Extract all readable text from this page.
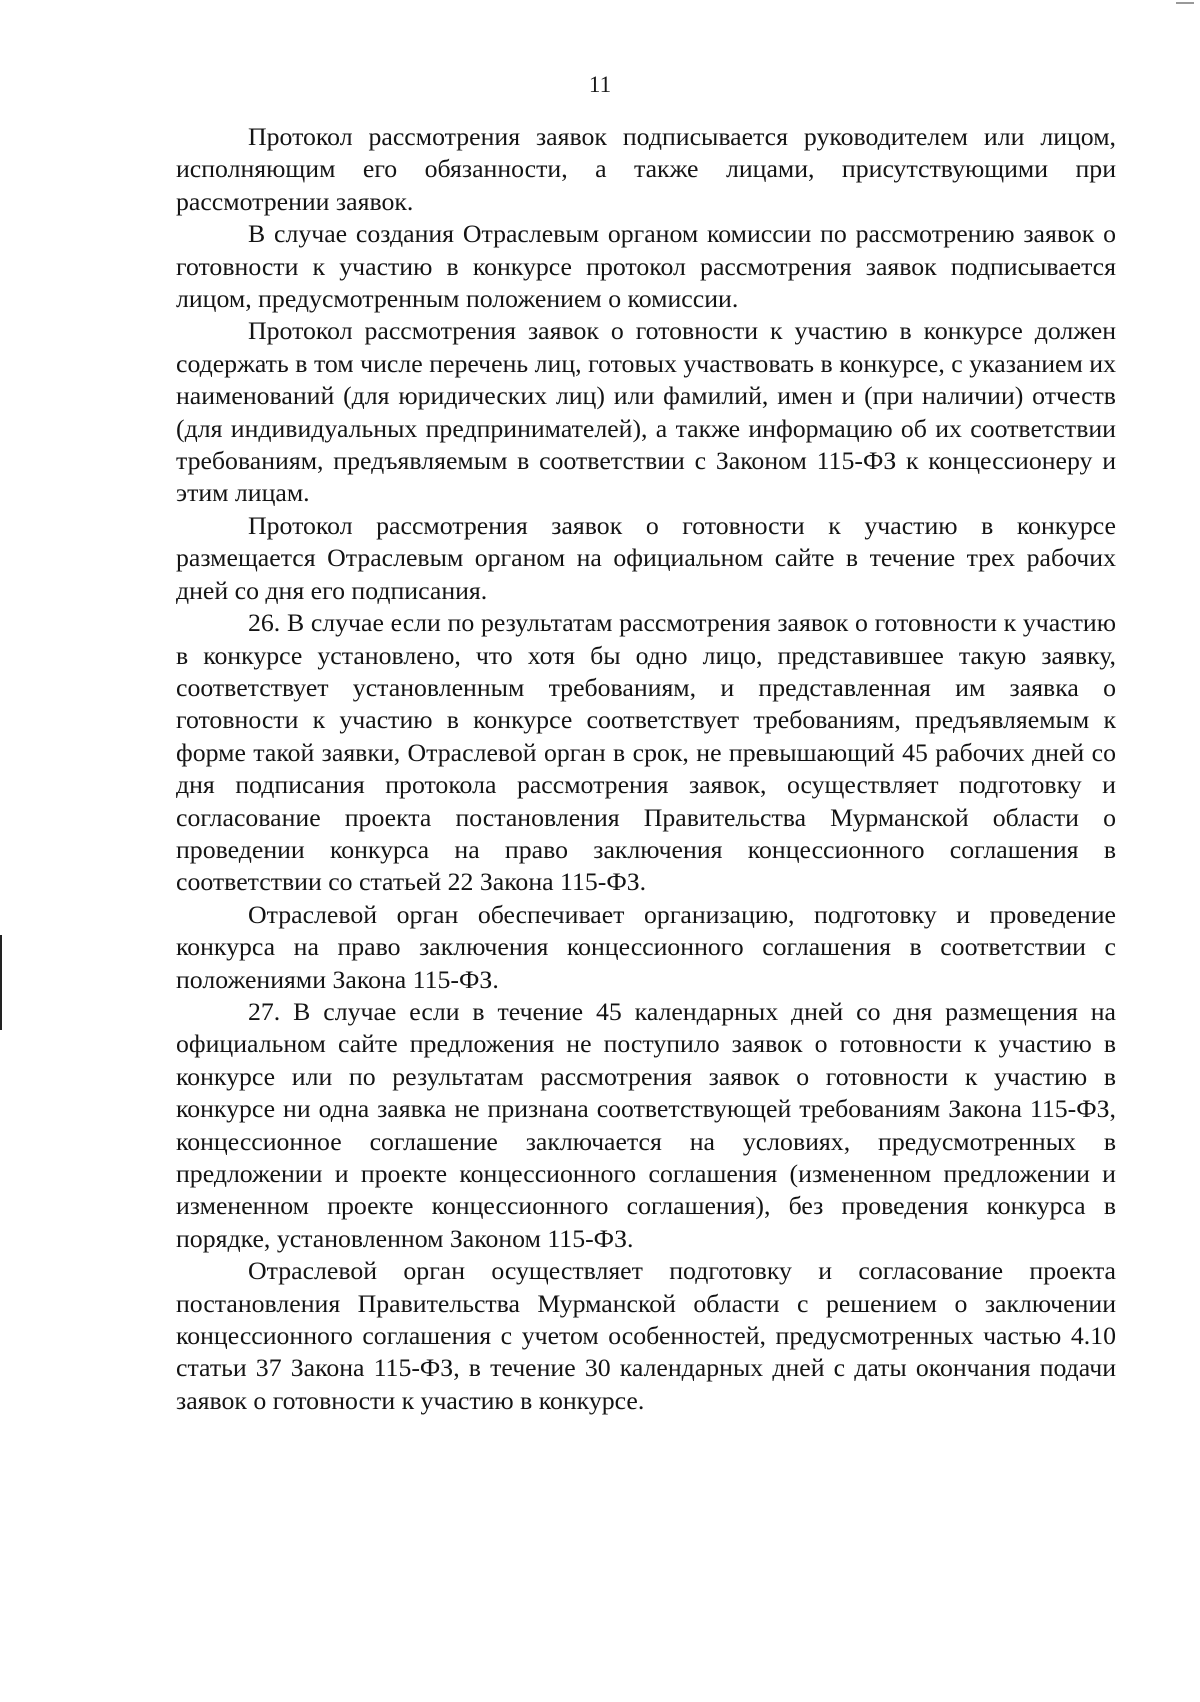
11

Протокол рассмотрения заявок подписывается руководителем или лицом, исполняющим его обязанности, а также лицами, присутствующими при рассмотрении заявок.

В случае создания Отраслевым органом комиссии по рассмотрению заявок о готовности к участию в конкурсе протокол рассмотрения заявок подписывается лицом, предусмотренным положением о комиссии.

Протокол рассмотрения заявок о готовности к участию в конкурсе должен содержать в том числе перечень лиц, готовых участвовать в конкурсе, с указанием их наименований (для юридических лиц) или фамилий, имен и (при наличии) отчеств (для индивидуальных предпринимателей), а также информацию об их соответствии требованиям, предъявляемым в соответствии с Законом 115-ФЗ к концессионеру и этим лицам.

Протокол рассмотрения заявок о готовности к участию в конкурсе размещается Отраслевым органом на официальном сайте в течение трех рабочих дней со дня его подписания.

26. В случае если по результатам рассмотрения заявок о готовности к участию в конкурсе установлено, что хотя бы одно лицо, представившее такую заявку, соответствует установленным требованиям, и представленная им заявка о готовности к участию в конкурсе соответствует требованиям, предъявляемым к форме такой заявки, Отраслевой орган в срок, не превышающий 45 рабочих дней со дня подписания протокола рассмотрения заявок, осуществляет подготовку и согласование проекта постановления Правительства Мурманской области о проведении конкурса на право заключения концессионного соглашения в соответствии со статьей 22 Закона 115-ФЗ.

Отраслевой орган обеспечивает организацию, подготовку и проведение конкурса на право заключения концессионного соглашения в соответствии с положениями Закона 115-ФЗ.

27. В случае если в течение 45 календарных дней со дня размещения на официальном сайте предложения не поступило заявок о готовности к участию в конкурсе или по результатам рассмотрения заявок о готовности к участию в конкурсе ни одна заявка не признана соответствующей требованиям Закона 115-ФЗ, концессионное соглашение заключается на условиях, предусмотренных в предложении и проекте концессионного соглашения (измененном предложении и измененном проекте концессионного соглашения), без проведения конкурса в порядке, установленном Законом 115-ФЗ.

Отраслевой орган осуществляет подготовку и согласование проекта постановления Правительства Мурманской области с решением о заключении концессионного соглашения с учетом особенностей, предусмотренных частью 4.10 статьи 37 Закона 115-ФЗ, в течение 30 календарных дней с даты окончания подачи заявок о готовности к участию в конкурсе.
